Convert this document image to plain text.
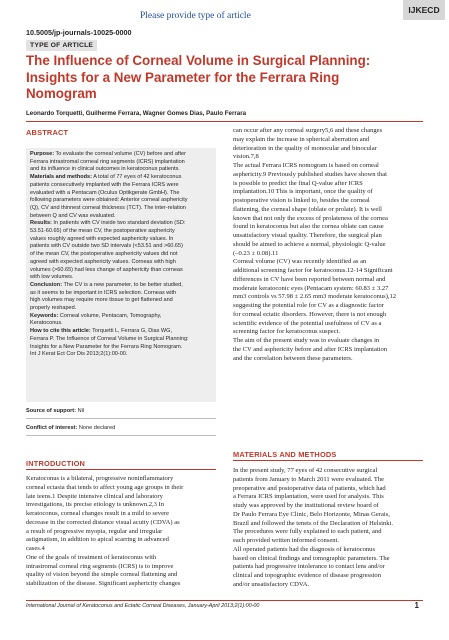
Please provide type of article
IJKECD
10.5005/jp-journals-10025-0000
TYPE OF ARTICLE
The Influence of Corneal Volume in Surgical Planning:
Insights for a New Parameter for the Ferrara Ring
Nomogram
Leonardo Torquetti, Guilherme Ferrara, Wagner Gomes Dias, Paulo Ferrara
ABSTRACT
Purpose: To evaluate the corneal volume (CV) before and after
Ferrara intrastromal corneal ring segments (ICRS) implantation
and its influence in clinical outcomes in keratoconus patients.
Materials and methods: A total of 77 eyes of 42 keratoconus
patients consecutively implanted with the Ferrara ICRS were
evaluated with a Pentacam (Oculus Optikgerate GmbH). The
following parameters were obtained: Anterior corneal asphericity
(Q), CV and thinnest corneal thickness (TCT). The inter-relation
between Q and CV was evaluated.
Results: In patients with CV inside two standard deviation (SD:
53.51-60.65) of the mean CV, the postoperative asphericity
values roughly agreed with expected asphericity values. In
patients with CV outside two SD intervals (<53.51 and >60.65)
of the mean CV, the postoperative asphericity values did not
agreed with expected asphericity values. Corneas with high
volumes (>60.65) had less change of asphericity than corneas
with low volumes.
Conclusion: The CV is a new parameter, to be better studied,
as it seems to be important in ICRS selection. Corneas with
high volumes may require more tissue to get flattened and
properly reshaped.
Keywords: Corneal volume, Pentacam, Tomography,
Keratoconus.
How to cite this article: Torquetti L, Ferrara G, Dias WG,
Ferrara P. The Influence of Corneal Volume in Surgical Planning:
Insights for a New Parameter for the Ferrara Ring Nomogram.
Int J Kerat Ect Cor Dis 2013;2(1):00-00.
Source of support: Nil
Conflict of interest: None declared
INTRODUCTION
Keratoconus is a bilateral, progressive noninflammatory
corneal ectasia that tends to affect young age groups in their
late teens.1 Despite intensive clinical and laboratory
investigations, its precise etiology is unknown.2,3 In
keratoconus, corneal changes result in a mild to severe
decrease in the corrected distance visual acuity (CDVA) as
a result of progressive myopia, regular and irregular
astigmatism, in addition to apical scarring in advanced
cases.4
One of the goals of treatment of keratoconus with
intrastromal corneal ring segments (ICRS) is to improve
quality of vision beyond the simple corneal flattening and
stabilization of the disease. Significant asphericity changes
can occur after any corneal surgery5,6 and these changes
may explain the increase in spherical aberration and
deterioration in the quality of monocular and binocular
vision.7,8
The actual Ferrara ICRS nomogram is based on corneal
asphericity.9 Previously published studies have shown that
is possible to predict the final Q-value after ICRS
implantation.10 This is important, once the quality of
postoperative vision is linked to, besides the corneal
flattening, the corneal shape (oblate or prolate). It is well
known that not only the excess of prolateness of the cornea
found in keratoconus but also the cornea oblate can cause
unsatisfactory visual quality. Therefore, the surgical plan
should be aimed to achieve a normal, physiologic Q-value
(–0.23 ± 0.08).11
Corneal volume (CV) was recently identified as an
additional screening factor for keratoconus.12-14 Significant
differences in CV have been reported between normal and
moderate keratoconic eyes (Pentacam system: 60.83 ± 3.27
mm3 controls vs 57.98 ± 2.65 mm3 moderate keratoconus),12
suggesting the potential role for CV as a diagnostic factor
for corneal ectatic disorders. However, there is not enough
scientific evidence of the potential usefulness of CV as a
screening factor for keratoconus suspect.
The aim of the present study was to evaluate changes in
the CV and asphericity before and after ICRS implantation
and the correlation between these parameters.
MATERIALS AND METHODS
In the present study, 77 eyes of 42 consecutive surgical
patients from January to March 2011 were evaluated. The
preoperative and postoperative data of patients, which had
a Ferrara ICRS implantation, were used for analysis. This
study was approved by the institutional review board of
Dr Paulo Ferrara Eye Clinic, Belo Horizonte, Minas Gerais,
Brazil and followed the tenets of the Declaration of Helsinki.
The procedures were fully explained to each patient, and
each provided written informed consent.
All operated patients had the diagnosis of keratoconus
based on clinical findings and tomographic parameters. The
patients had progressive intolerance to contact lens and/or
clinical and topographic evidence of disease progression
and/or unsatisfactory CDVA.
International Journal of Keratoconus and Ectatic Corneal Diseases, January-April 2013;2(1):00-00	1
